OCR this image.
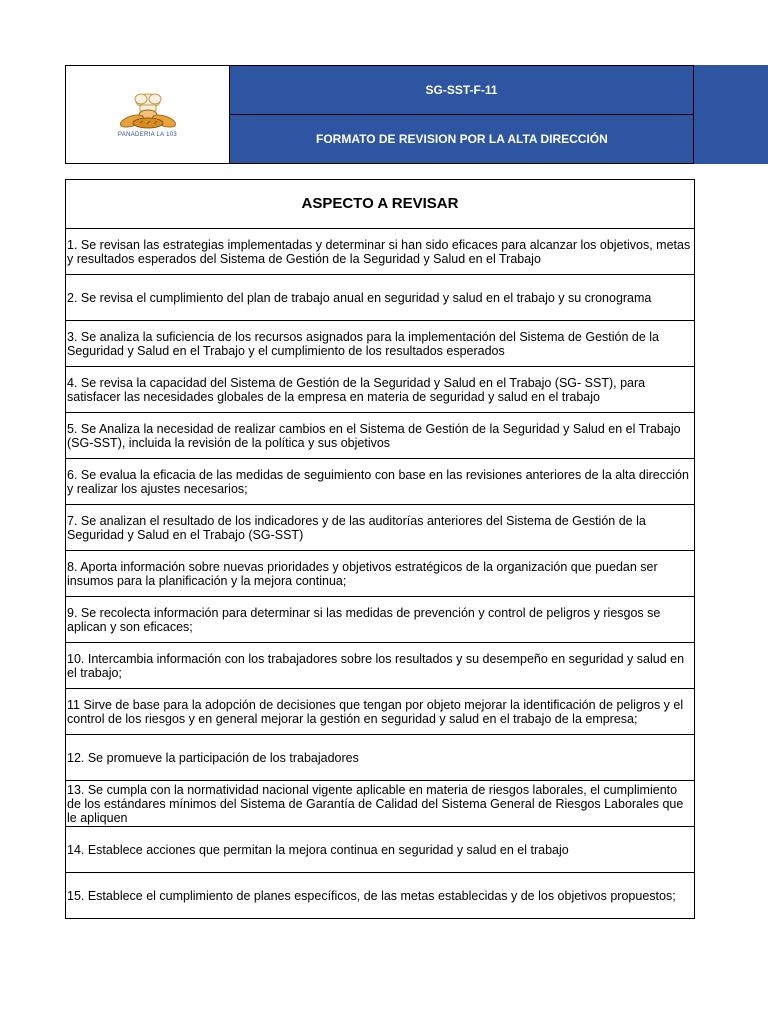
PANADERIA LA 103
SG-SST-F-11
FORMATO DE REVISION POR LA ALTA DIRECCIÓN
ASPECTO A REVISAR
1. Se revisan las estrategias implementadas y determinar si han sido eficaces para alcanzar los objetivos, metas y resultados esperados del Sistema de Gestión de la Seguridad y Salud en el Trabajo
2. Se revisa el cumplimiento del plan de trabajo anual en seguridad y salud en el trabajo y su cronograma
3. Se analiza la suficiencia de los recursos asignados para la implementación del Sistema de Gestión de la Seguridad y Salud en el Trabajo y el cumplimiento de los resultados esperados
4. Se revisa la capacidad del Sistema de Gestión de la Seguridad y Salud en el Trabajo (SG- SST), para satisfacer las necesidades globales de la empresa en materia de seguridad y salud en el trabajo
5. Se Analiza la necesidad de realizar cambios en el Sistema de Gestión de la Seguridad y Salud en el Trabajo (SG-SST), incluida la revisión de la política y sus objetivos
6. Se evalua la eficacia de las medidas de seguimiento con base en las revisiones anteriores de la alta dirección y realizar los ajustes necesarios;
7. Se analizan el resultado de los indicadores y de las auditorías anteriores del Sistema de Gestión de la Seguridad y Salud en el Trabajo (SG-SST)
8. Aporta información sobre nuevas prioridades y objetivos estratégicos de la organización que puedan ser insumos para la planificación y la mejora continua;
9. Se recolecta información para determinar si las medidas de prevención y control de peligros y riesgos se aplican y son eficaces;
10. Intercambia información con los trabajadores sobre los resultados y su desempeño en seguridad y salud en el trabajo;
11 Sirve de base para la adopción de decisiones que tengan por objeto mejorar la identificación de peligros y el control de los riesgos y en general mejorar la gestión en seguridad y salud en el trabajo de la empresa;
12. Se promueve la participación de los trabajadores
13. Se cumpla con la normatividad nacional vigente aplicable en materia de riesgos laborales, el cumplimiento de los estándares mínimos del Sistema de Garantía de Calidad del Sistema General de Riesgos Laborales que le apliquen
14. Establece acciones que permitan la mejora continua en seguridad y salud en el trabajo
15. Establece el cumplimiento de planes específicos, de las metas establecidas y de los objetivos propuestos;
